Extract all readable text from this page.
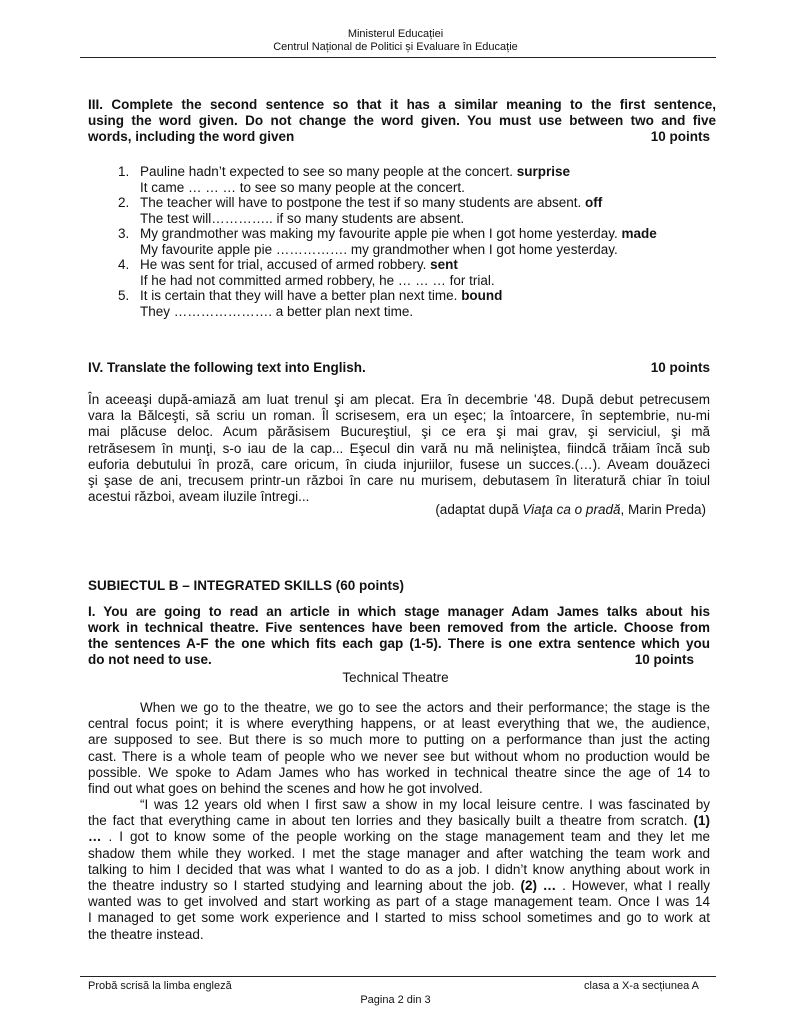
Ministerul Educației
Centrul Național de Politici și Evaluare în Educație
III. Complete the second sentence so that it has a similar meaning to the first sentence,
using the word given. Do not change the word given. You must use between two and five
words, including the word given	10 points
1. Pauline hadn’t expected to see so many people at the concert. surprise
It came … … … to see so many people at the concert.
2. The teacher will have to postpone the test if so many students are absent. off
The test will………….. if so many students are absent.
3. My grandmother was making my favourite apple pie when I got home yesterday. made
My favourite apple pie ……………. my grandmother when I got home yesterday.
4. He was sent for trial, accused of armed robbery. sent
If he had not committed armed robbery, he … … … for trial.
5. It is certain that they will have a better plan next time. bound
They …………………. a better plan next time.
IV. Translate the following text into English.	10 points
În aceeaşi după-amiază am luat trenul şi am plecat. Era în decembrie '48. După debut petrecusem
vara la Bălceşti, să scriu un roman. Îl scrisesem, era un eşec; la întoarcere, în septembrie, nu-mi
mai plăcuse deloc. Acum părăsisem Bucureştiul, şi ce era şi mai grav, şi serviciul, şi mă
retrăsesem în munţi, s-o iau de la cap... Eşecul din vară nu mă neliniştea, fiindcă trăiam încă sub
euforia debutului în proză, care oricum, în ciuda injuriilor, fusese un succes.(…). Aveam douăzeci
şi şase de ani, trecusem printr-un război în care nu murisem, debutasem în literatură chiar în toiul
acestui război, aveam iluzile întregi...
(adaptat după Viaţa ca o pradă, Marin Preda)
SUBIECTUL B – INTEGRATED SKILLS (60 points)
I. You are going to read an article in which stage manager Adam James talks about his
work in technical theatre. Five sentences have been removed from the article. Choose from
the sentences A-F the one which fits each gap (1-5). There is one extra sentence which you
do not need to use.	10 points
Technical Theatre
When we go to the theatre, we go to see the actors and their performance; the stage is the
central focus point; it is where everything happens, or at least everything that we, the audience,
are supposed to see. But there is so much more to putting on a performance than just the acting
cast. There is a whole team of people who we never see but without whom no production would be
possible. We spoke to Adam James who has worked in technical theatre since the age of 14 to
find out what goes on behind the scenes and how he got involved.
“I was 12 years old when I first saw a show in my local leisure centre. I was fascinated by
the fact that everything came in about ten lorries and they basically built a theatre from scratch. (1)
… . I got to know some of the people working on the stage management team and they let me
shadow them while they worked. I met the stage manager and after watching the team work and
talking to him I decided that was what I wanted to do as a job. I didn’t know anything about work in
the theatre industry so I started studying and learning about the job. (2) … . However, what I really
wanted was to get involved and start working as part of a stage management team. Once I was 14
I managed to get some work experience and I started to miss school sometimes and go to work at
the theatre instead.
Probă scrisă la limba engleză	clasa a X-a secțiunea A
Pagina 2 din 3
